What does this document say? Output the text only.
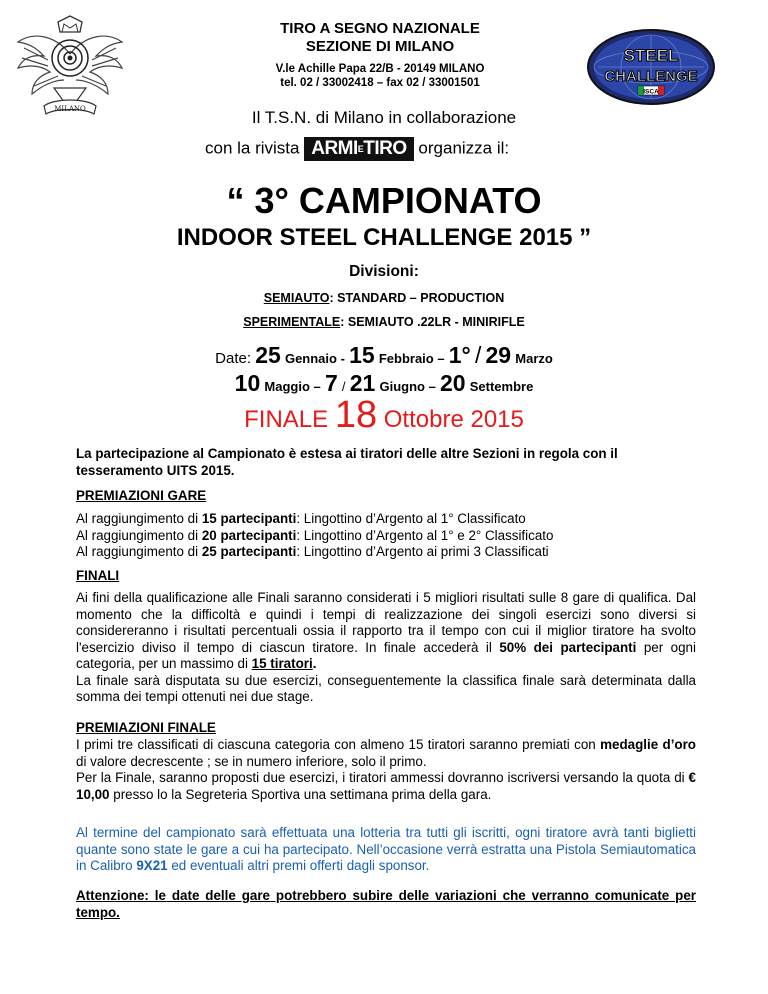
MILANO
TIRO A SEGNO NAZIONALE
SEZIONE DI MILANO
V.le Achille Papa 22/B - 20149 MILANO
tel. 02 / 33002418 – fax 02 / 33001501
STEEL
CHALLENGE
ISCA
Il T.S.N. di Milano in collaborazione
con la rivista ARMIETIRO organizza il:
“ 3° CAMPIONATO
INDOOR STEEL CHALLENGE 2015 ”
Divisioni:
SEMIAUTO: STANDARD – PRODUCTION
SPERIMENTALE: SEMIAUTO .22LR - MINIRIFLE
Date: 25 Gennaio - 15 Febbraio – 1° / 29 Marzo
10 Maggio – 7 / 21 Giugno – 20 Settembre
FINALE 18 Ottobre 2015
La partecipazione al Campionato è estesa ai tiratori delle altre Sezioni in regola con il tesseramento UITS 2015.
PREMIAZIONI GARE
Al raggiungimento di 15 partecipanti: Lingottino d’Argento al 1° Classificato
Al raggiungimento di 20 partecipanti: Lingottino d’Argento al 1° e 2° Classificato
Al raggiungimento di 25 partecipanti: Lingottino d’Argento ai primi 3 Classificati
FINALI
Ai fini della qualificazione alle Finali saranno considerati i 5 migliori risultati sulle 8 gare di qualifica. Dal momento che la difficoltà e quindi i tempi di realizzazione dei singoli esercizi sono diversi si considereranno i risultati percentuali ossia il rapporto tra il tempo con cui il miglior tiratore ha svolto l'esercizio diviso il tempo di ciascun tiratore. In finale accederà il 50% dei partecipanti per ogni categoria, per un massimo di 15 tiratori.
La finale sarà disputata su due esercizi, conseguentemente la classifica finale sarà determinata dalla somma dei tempi ottenuti nei due stage.
PREMIAZIONI FINALE
I primi tre classificati di ciascuna categoria con almeno 15 tiratori saranno premiati con medaglie d’oro di valore decrescente ; se in numero inferiore, solo il primo.
Per la Finale, saranno proposti due esercizi, i tiratori ammessi dovranno iscriversi versando la quota di € 10,00 presso lo la Segreteria Sportiva una settimana prima della gara.
Al termine del campionato sarà effettuata una lotteria tra tutti gli iscritti, ogni tiratore avrà tanti biglietti quante sono state le gare a cui ha partecipato. Nell’occasione verrà estratta una Pistola Semiautomatica in Calibro 9X21 ed eventuali altri premi offerti dagli sponsor.
Attenzione: le date delle gare potrebbero subire delle variazioni che verranno comunicate per tempo.
